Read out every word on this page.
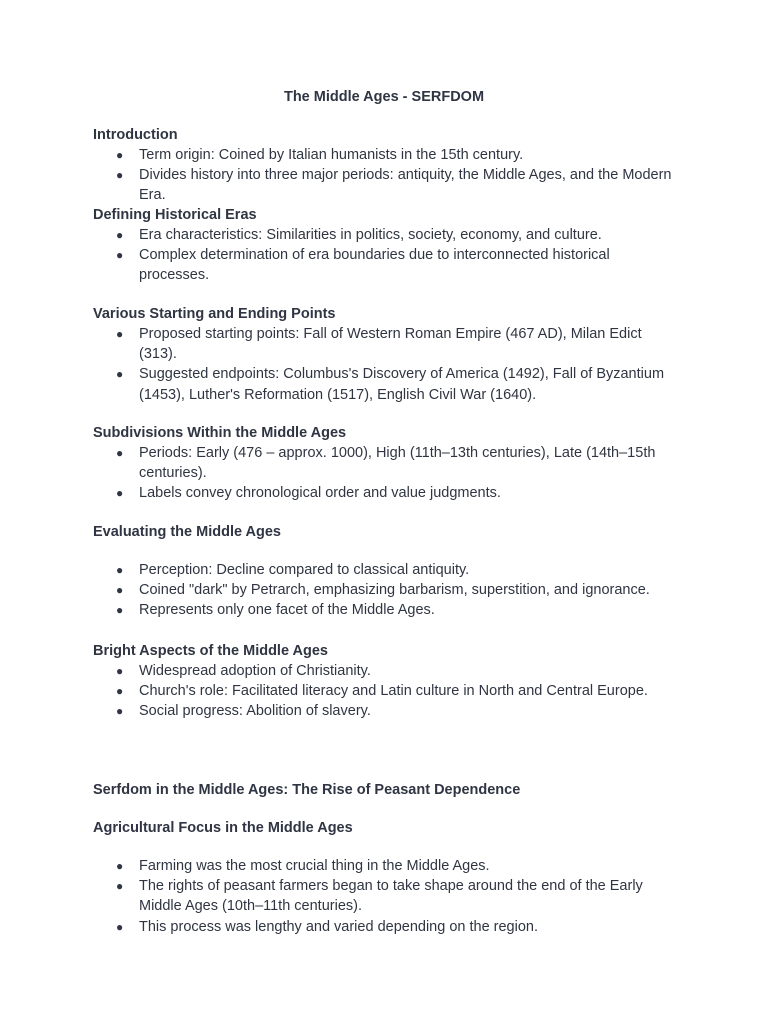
The Middle Ages - SERFDOM
Introduction
● Term origin: Coined by Italian humanists in the 15th century.
● Divides history into three major periods: antiquity, the Middle Ages, and the Modern Era.
Defining Historical Eras
● Era characteristics: Similarities in politics, society, economy, and culture.
● Complex determination of era boundaries due to interconnected historical processes.
Various Starting and Ending Points
● Proposed starting points: Fall of Western Roman Empire (467 AD), Milan Edict (313).
● Suggested endpoints: Columbus's Discovery of America (1492), Fall of Byzantium (1453), Luther's Reformation (1517), English Civil War (1640).
Subdivisions Within the Middle Ages
● Periods: Early (476 – approx. 1000), High (11th–13th centuries), Late (14th–15th centuries).
● Labels convey chronological order and value judgments.
Evaluating the Middle Ages
● Perception: Decline compared to classical antiquity.
● Coined "dark" by Petrarch, emphasizing barbarism, superstition, and ignorance.
● Represents only one facet of the Middle Ages.
Bright Aspects of the Middle Ages
● Widespread adoption of Christianity.
● Church's role: Facilitated literacy and Latin culture in North and Central Europe.
● Social progress: Abolition of slavery.
Serfdom in the Middle Ages: The Rise of Peasant Dependence
Agricultural Focus in the Middle Ages
● Farming was the most crucial thing in the Middle Ages.
● The rights of peasant farmers began to take shape around the end of the Early Middle Ages (10th–11th centuries).
● This process was lengthy and varied depending on the region.
